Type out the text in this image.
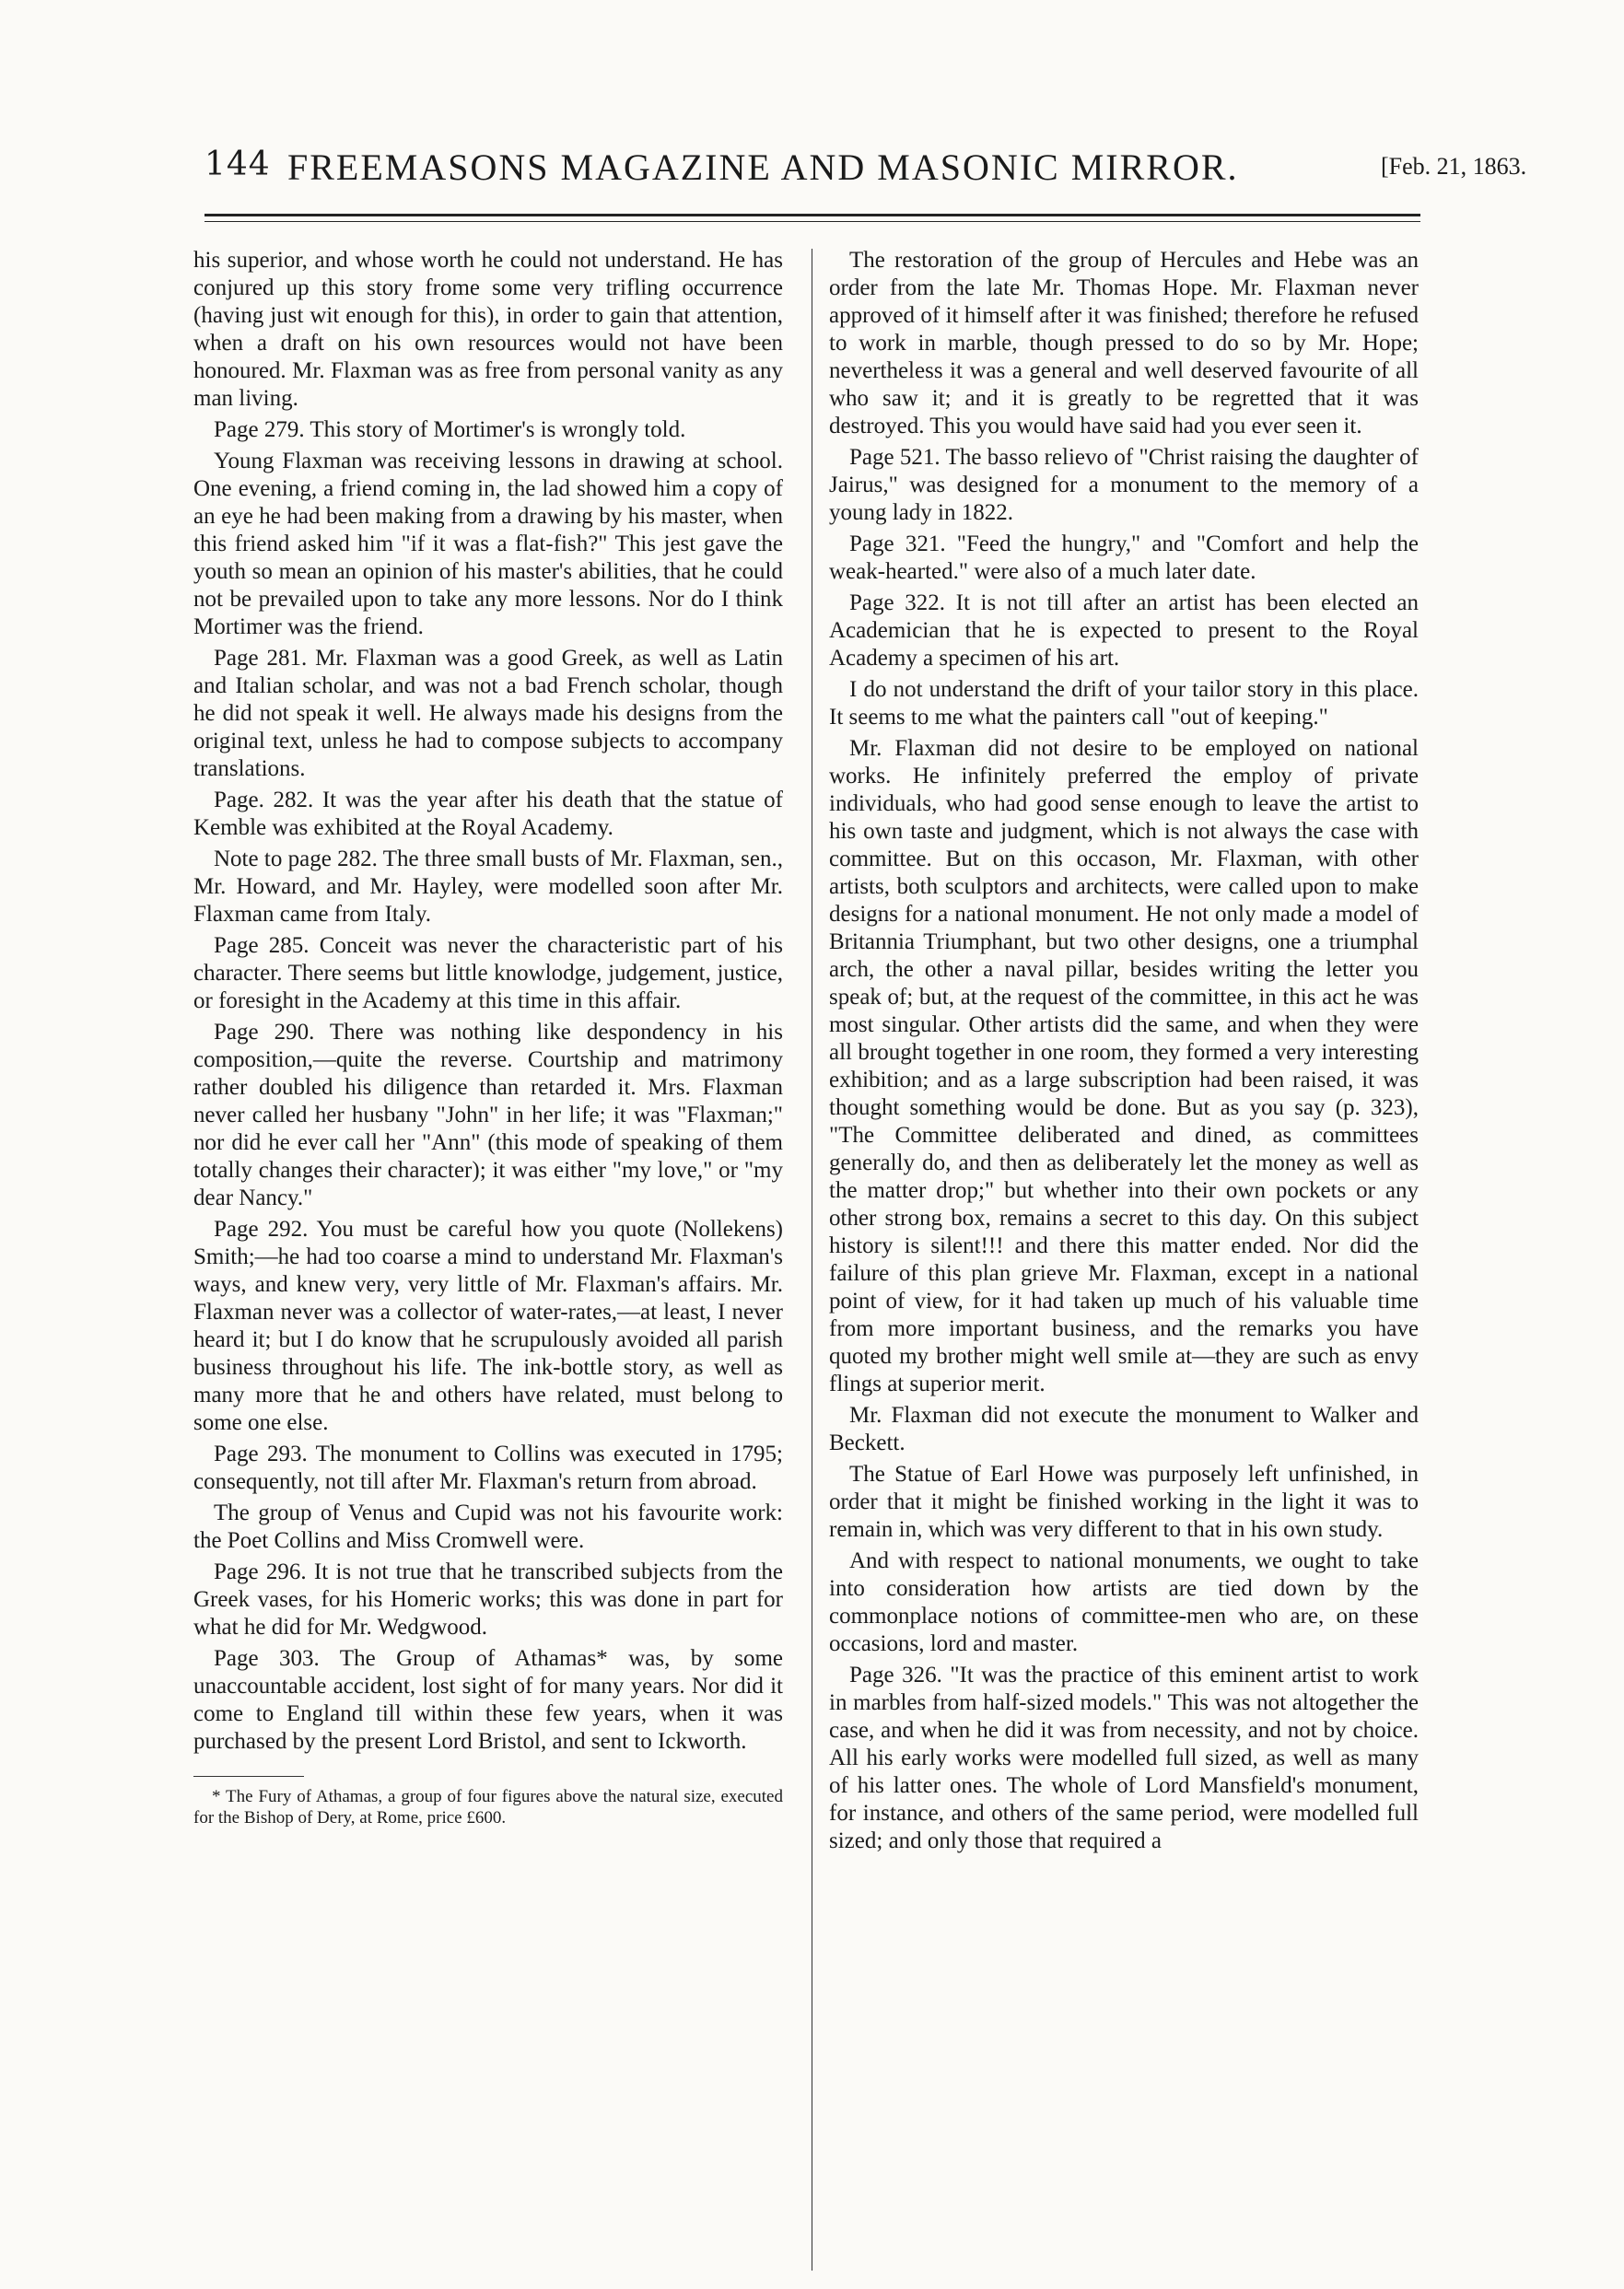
144 FREEMASONS MAGAZINE AND MASONIC MIRROR.	[Feb. 21, 1863.

his superior, and whose worth he could not understand. He has conjured up this story frome some very trifling occurrence (having just wit enough for this), in order to gain that attention, when a draft on his own resources would not have been honoured. Mr. Flaxman was as free from personal vanity as any man living.

Page 279. This story of Mortimer's is wrongly told.

Young Flaxman was receiving lessons in drawing at school. One evening, a friend coming in, the lad showed him a copy of an eye he had been making from a drawing by his master, when this friend asked him "if it was a flat-fish?" This jest gave the youth so mean an opinion of his master's abilities, that he could not be prevailed upon to take any more lessons. Nor do I think Mortimer was the friend.

Page 281. Mr. Flaxman was a good Greek, as well as Latin and Italian scholar, and was not a bad French scholar, though he did not speak it well. He always made his designs from the original text, unless he had to compose subjects to accompany translations.

Page. 282. It was the year after his death that the statue of Kemble was exhibited at the Royal Academy.

Note to page 282. The three small busts of Mr. Flaxman, sen., Mr. Howard, and Mr. Hayley, were modelled soon after Mr. Flaxman came from Italy.

Page 285. Conceit was never the characteristic part of his character. There seems but little knowlodge, judgement, justice, or foresight in the Academy at this time in this affair.

Page 290. There was nothing like despondency in his composition,—quite the reverse. Courtship and matrimony rather doubled his diligence than retarded it. Mrs. Flaxman never called her husbany "John" in her life; it was "Flaxman;" nor did he ever call her "Ann" (this mode of speaking of them totally changes their character); it was either "my love," or "my dear Nancy."

Page 292. You must be careful how you quote (Nollekens) Smith;—he had too coarse a mind to understand Mr. Flaxman's ways, and knew very, very little of Mr. Flaxman's affairs. Mr. Flaxman never was a collector of water-rates,—at least, I never heard it; but I do know that he scrupulously avoided all parish business throughout his life. The ink-bottle story, as well as many more that he and others have related, must belong to some one else.

Page 293. The monument to Collins was executed in 1795; consequently, not till after Mr. Flaxman's return from abroad.

The group of Venus and Cupid was not his favourite work: the Poet Collins and Miss Cromwell were.

Page 296. It is not true that he transcribed subjects from the Greek vases, for his Homeric works; this was done in part for what he did for Mr. Wedgwood.

Page 303. The Group of Athamas* was, by some unaccountable accident, lost sight of for many years. Nor did it come to England till within these few years, when it was purchased by the present Lord Bristol, and sent to Ickworth.

* The Fury of Athamas, a group of four figures above the natural size, executed for the Bishop of Dery, at Rome, price £600.

The restoration of the group of Hercules and Hebe was an order from the late Mr. Thomas Hope. Mr. Flaxman never approved of it himself after it was finished; therefore he refused to work in marble, though pressed to do so by Mr. Hope; nevertheless it was a general and well deserved favourite of all who saw it; and it is greatly to be regretted that it was destroyed. This you would have said had you ever seen it.

Page 521. The basso relievo of "Christ raising the daughter of Jairus," was designed for a monument to the memory of a young lady in 1822.

Page 321. "Feed the hungry," and "Comfort and help the weak-hearted." were also of a much later date.

Page 322. It is not till after an artist has been elected an Academician that he is expected to present to the Royal Academy a specimen of his art.

I do not understand the drift of your tailor story in this place. It seems to me what the painters call "out of keeping."

Mr. Flaxman did not desire to be employed on national works. He infinitely preferred the employ of private individuals, who had good sense enough to leave the artist to his own taste and judgment, which is not always the case with committee. But on this occason, Mr. Flaxman, with other artists, both sculptors and architects, were called upon to make designs for a national monument. He not only made a model of Britannia Triumphant, but two other designs, one a triumphal arch, the other a naval pillar, besides writing the letter you speak of; but, at the request of the committee, in this act he was most singular. Other artists did the same, and when they were all brought together in one room, they formed a very interesting exhibition; and as a large subscription had been raised, it was thought something would be done. But as you say (p. 323), "The Committee deliberated and dined, as committees generally do, and then as deliberately let the money as well as the matter drop;" but whether into their own pockets or any other strong box, remains a secret to this day. On this subject history is silent!!! and there this matter ended. Nor did the failure of this plan grieve Mr. Flaxman, except in a national point of view, for it had taken up much of his valuable time from more important business, and the remarks you have quoted my brother might well smile at—they are such as envy flings at superior merit.

Mr. Flaxman did not execute the monument to Walker and Beckett.

The Statue of Earl Howe was purposely left unfinished, in order that it might be finished working in the light it was to remain in, which was very different to that in his own study.

And with respect to national monuments, we ought to take into consideration how artists are tied down by the commonplace notions of committee-men who are, on these occasions, lord and master.

Page 326. "It was the practice of this eminent artist to work in marbles from half-sized models." This was not altogether the case, and when he did it was from necessity, and not by choice. All his early works were modelled full sized, as well as many of his latter ones. The whole of Lord Mansfield's monument, for instance, and others of the same period, were modelled full sized; and only those that required a
